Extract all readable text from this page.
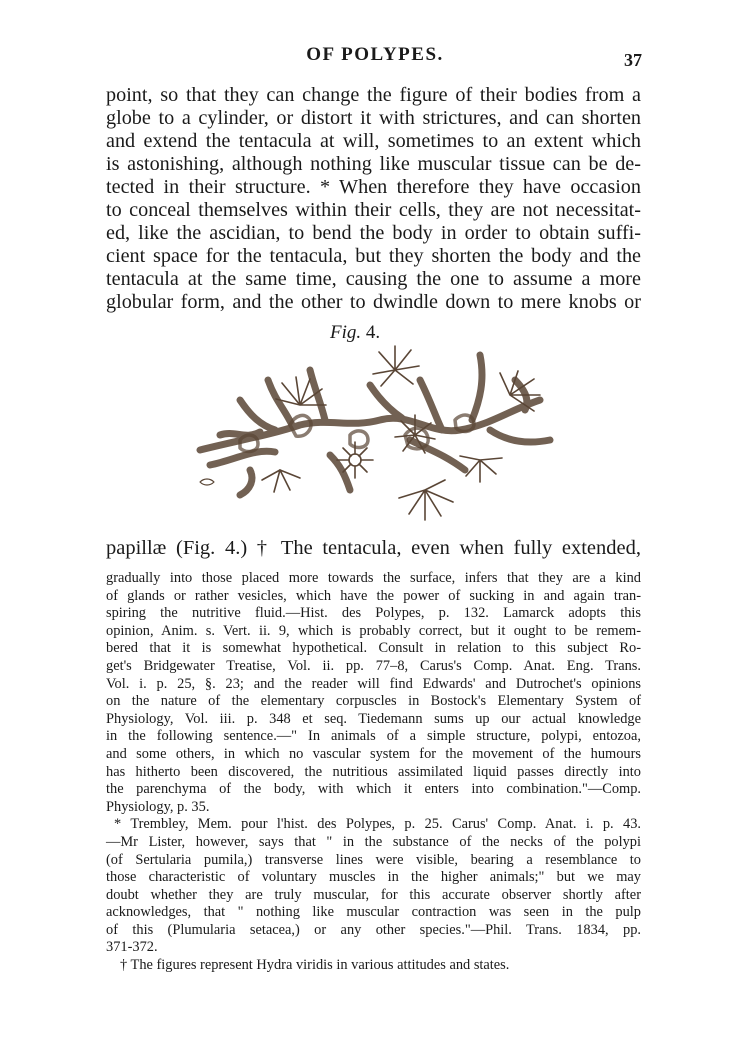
OF POLYPES.	37
point, so that they can change the figure of their bodies from a
globe to a cylinder, or distort it with strictures, and can shorten
and extend the tentacula at will, sometimes to an extent which
is astonishing, although nothing like muscular tissue can be de-
tected in their structure. * When therefore they have occasion
to conceal themselves within their cells, they are not necessitat-
ed, like the ascidian, to bend the body in order to obtain suffi-
cient space for the tentacula, but they shorten the body and the
tentacula at the same time, causing the one to assume a more
globular form, and the other to dwindle down to mere knobs or
Fig. 4.
papillæ (Fig. 4.) † The tentacula, even when fully extended,
gradually into those placed more towards the surface, infers that they are a kind
of glands or rather vesicles, which have the power of sucking in and again tran-
spiring the nutritive fluid.—Hist. des Polypes, p. 132. Lamarck adopts this
opinion, Anim. s. Vert. ii. 9, which is probably correct, but it ought to be remem-
bered that it is somewhat hypothetical. Consult in relation to this subject Ro-
get's Bridgewater Treatise, Vol. ii. pp. 77–8, Carus's Comp. Anat. Eng. Trans.
Vol. i. p. 25, §. 23; and the reader will find Edwards' and Dutrochet's opinions
on the nature of the elementary corpuscles in Bostock's Elementary System of
Physiology, Vol. iii. p. 348 et seq. Tiedemann sums up our actual knowledge
in the following sentence.—" In animals of a simple structure, polypi, entozoa,
and some others, in which no vascular system for the movement of the humours
has hitherto been discovered, the nutritious assimilated liquid passes directly into
the parenchyma of the body, with which it enters into combination."—Comp.
Physiology, p. 35.
* Trembley, Mem. pour l'hist. des Polypes, p. 25. Carus' Comp. Anat. i. p. 43.
—Mr Lister, however, says that " in the substance of the necks of the polypi
(of Sertularia pumila,) transverse lines were visible, bearing a resemblance to
those characteristic of voluntary muscles in the higher animals;" but we may
doubt whether they are truly muscular, for this accurate observer shortly after
acknowledges, that " nothing like muscular contraction was seen in the pulp
of this (Plumularia setacea,) or any other species."—Phil. Trans. 1834, pp.
371-372.
† The figures represent Hydra viridis in various attitudes and states.
